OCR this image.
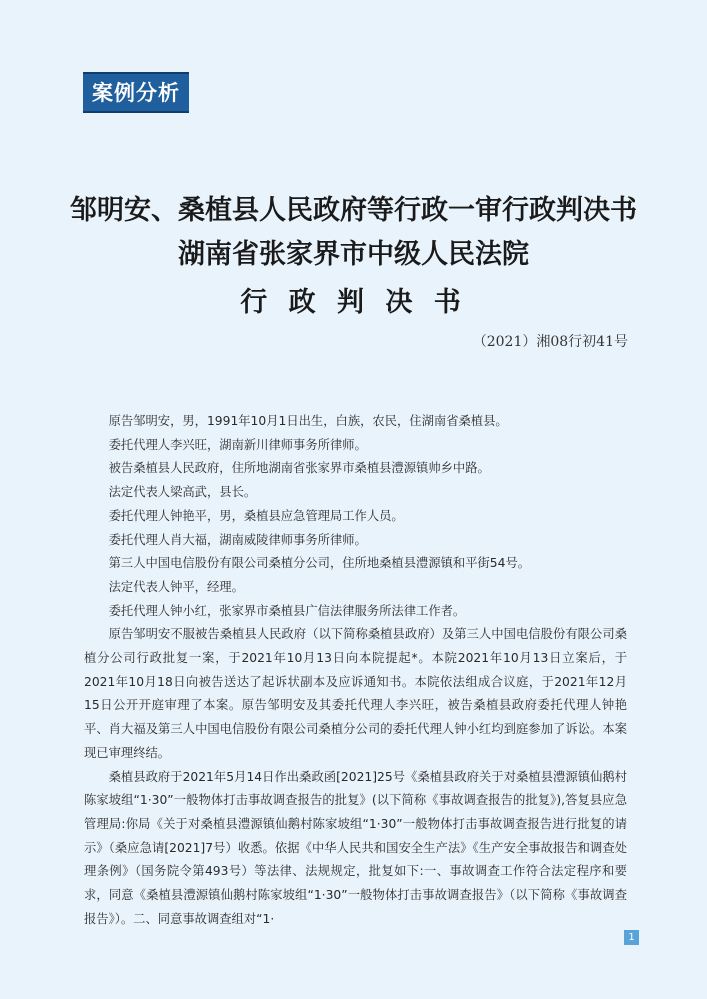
案例分析
邹明安、桑植县人民政府等行政一审行政判决书
湖南省张家界市中级人民法院
行 政 判 决 书
（2021）湘08行初41号

原告邹明安，男，1991年10月1日出生，白族，农民，住湖南省桑植县。

委托代理人李兴旺，湖南新川律师事务所律师。

被告桑植县人民政府，住所地湖南省张家界市桑植县澧源镇帅乡中路。

法定代表人梁高武，县长。

委托代理人钟艳平，男，桑植县应急管理局工作人员。

委托代理人肖大福，湖南威陵律师事务所律师。

第三人中国电信股份有限公司桑植分公司，住所地桑植县澧源镇和平街54号。

法定代表人钟平，经理。

委托代理人钟小红，张家界市桑植县广信法律服务所法律工作者。

原告邹明安不服被告桑植县人民政府（以下简称桑植县政府）及第三人中国电信股份有限公司桑植分公司行政批复一案，于2021年10月13日向本院提起*。本院2021年10月13日立案后，于2021年10月18日向被告送达了起诉状副本及应诉通知书。本院依法组成合议庭，于2021年12月15日公开开庭审理了本案。原告邹明安及其委托代理人李兴旺，被告桑植县政府委托代理人钟艳平、肖大福及第三人中国电信股份有限公司桑植分公司的委托代理人钟小红均到庭参加了诉讼。本案现已审理终结。

桑植县政府于2021年5月14日作出桑政函[2021]25号《桑植县政府关于对桑植县澧源镇仙鹅村陈家坡组“1·30”一般物体打击事故调查报告的批复》(以下简称《事故调查报告的批复》),答复县应急管理局:你局《关于对桑植县澧源镇仙鹅村陈家坡组“1·30”一般物体打击事故调查报告进行批复的请示》（桑应急请[2021]7号）收悉。依据《中华人民共和国安全生产法》《生产安全事故报告和调查处理条例》（国务院令第493号）等法律、法规规定，批复如下:一、事故调查工作符合法定程序和要求，同意《桑植县澧源镇仙鹅村陈家坡组“1·30”一般物体打击事故调查报告》（以下简称《事故调查报告》）。二、同意事故调查组对“1·

1
